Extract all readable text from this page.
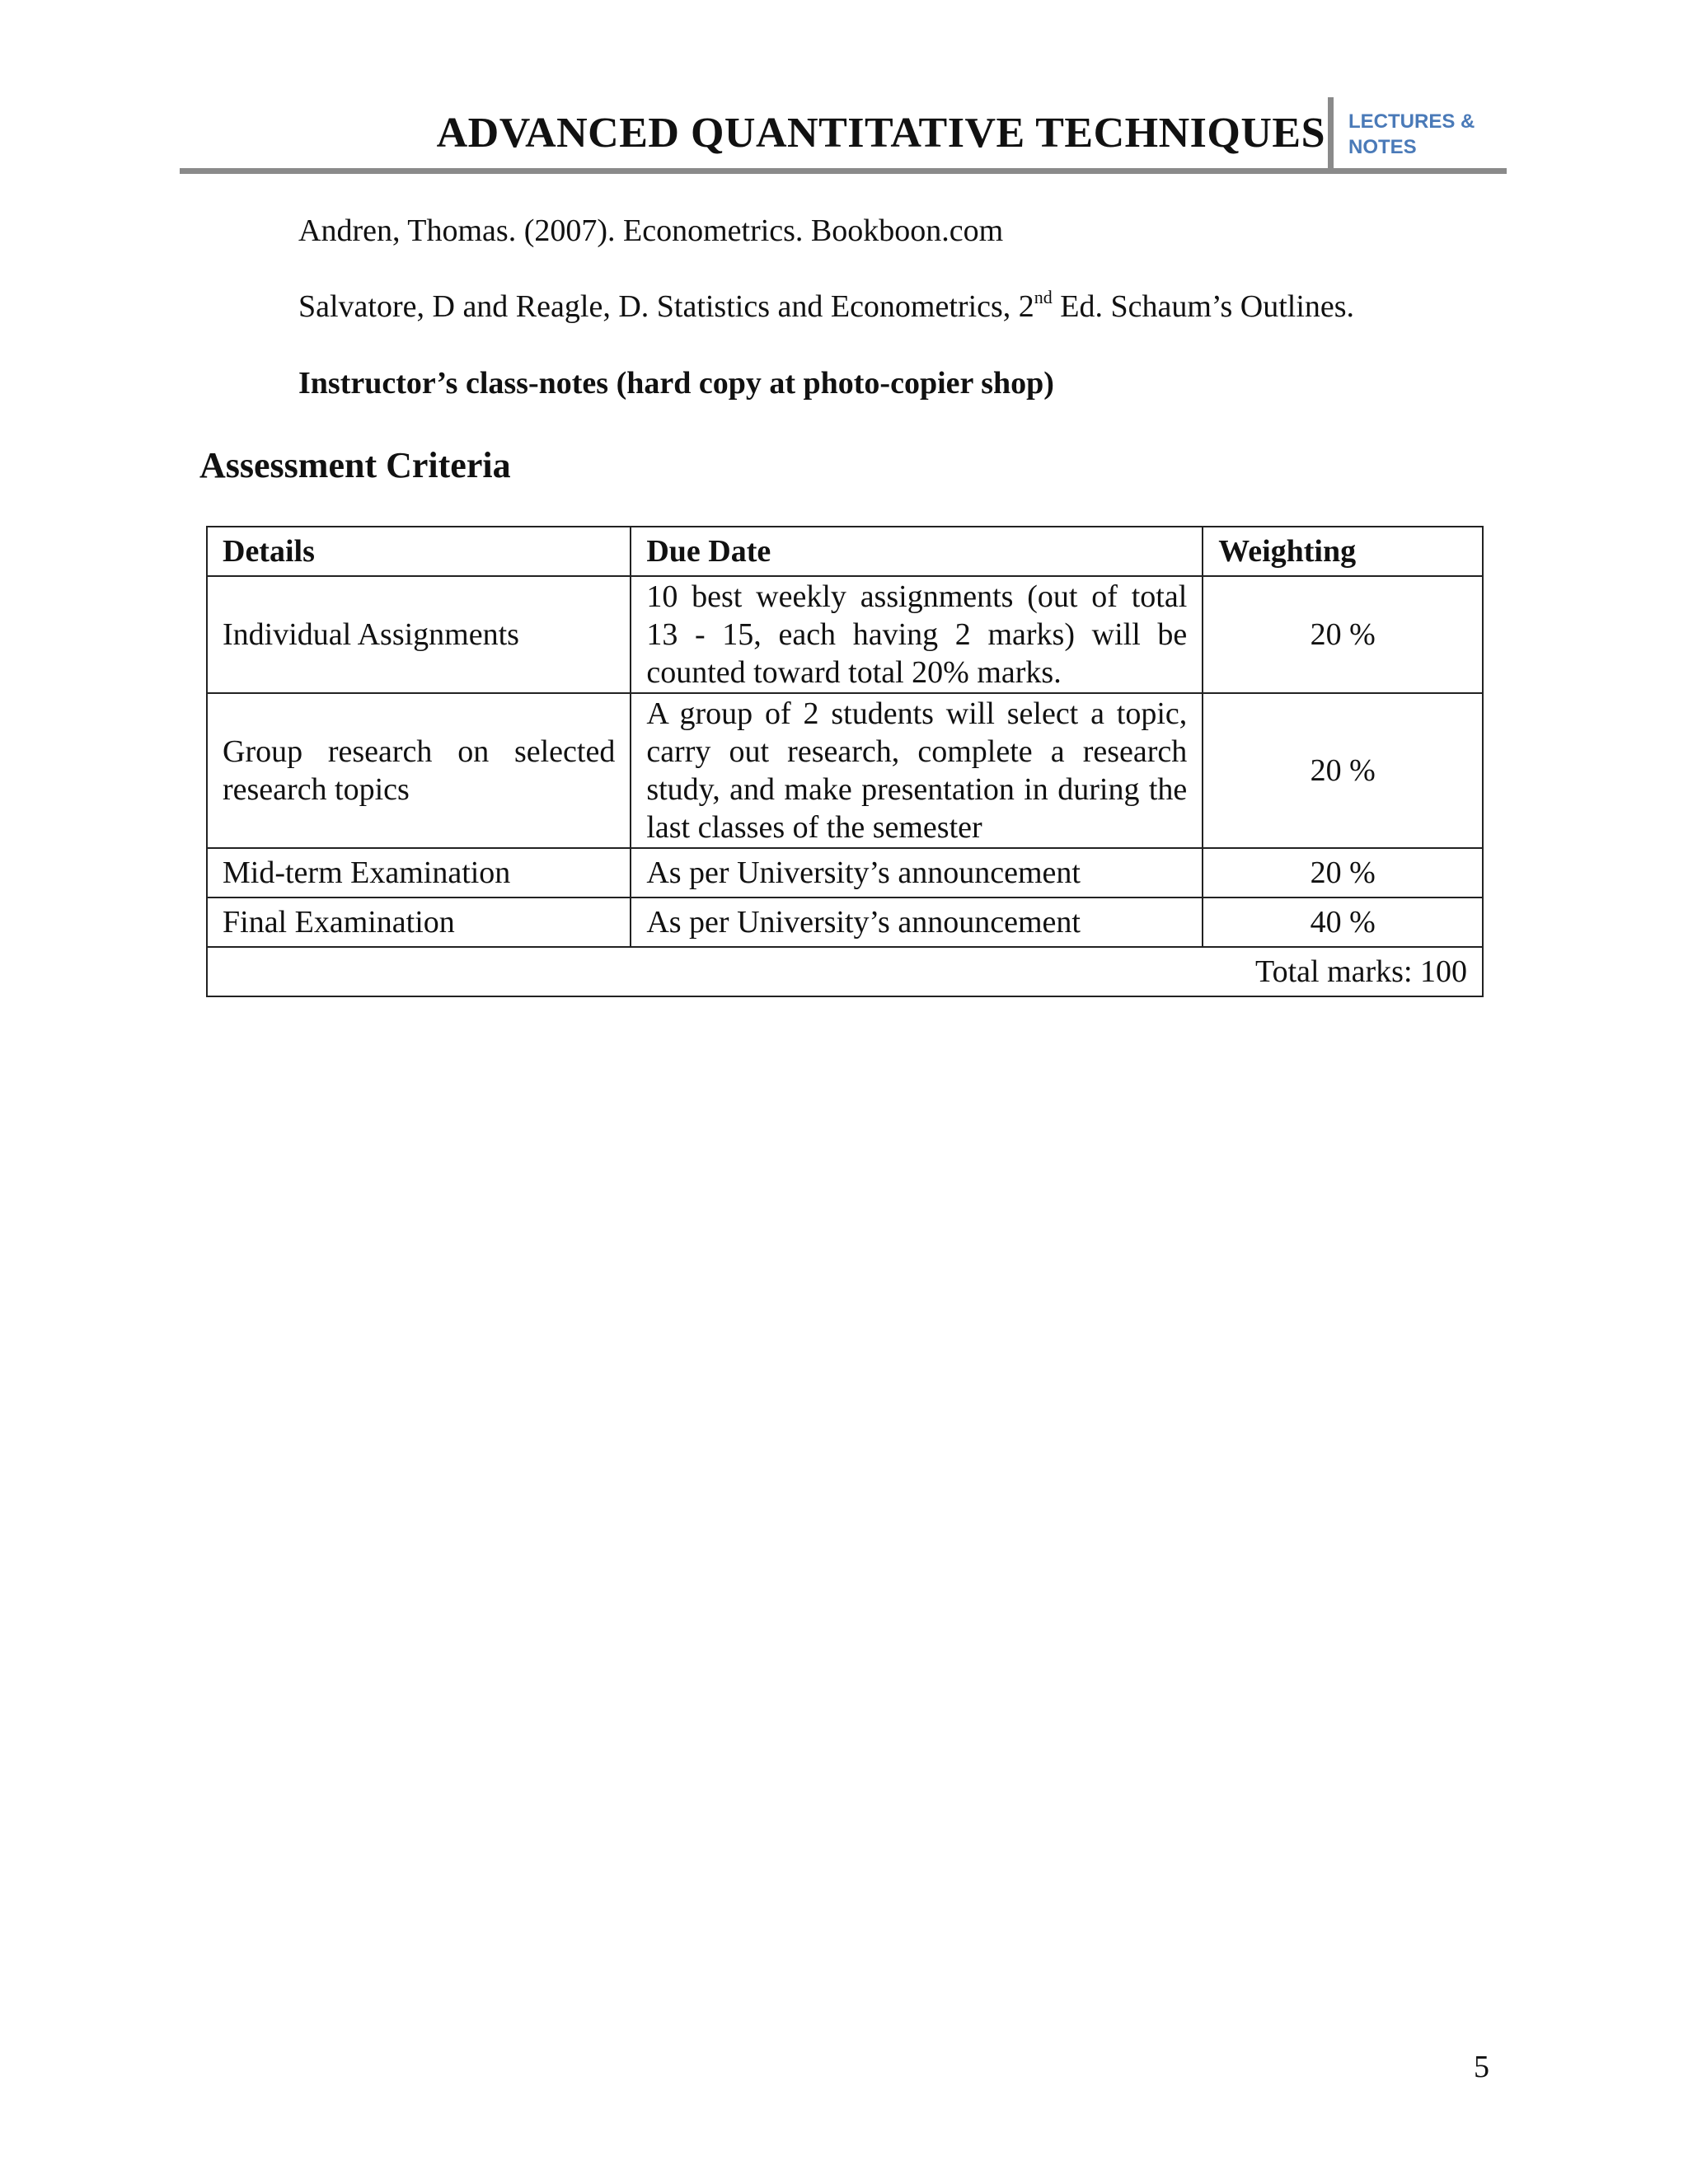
ADVANCED QUANTITATIVE TECHNIQUES LECTURES &
NOTES
Andren, Thomas. (2007). Econometrics. Bookboon.com
Salvatore, D and Reagle, D. Statistics and Econometrics, 2nd Ed. Schaum’s Outlines.
Instructor’s class-notes (hard copy at photo-copier shop)
Assessment Criteria
Details	Due Date	Weighting
Individual Assignments	10 best weekly assignments (out of total 13 - 15, each having 2 marks) will be counted toward total 20% marks.	20 %
Group research on selected research topics	A group of 2 students will select a topic, carry out research, complete a research study, and make presentation in during the last classes of the semester	20 %
Mid-term Examination	As per University’s announcement	20 %
Final Examination	As per University’s announcement	40 %
Total marks: 100		
5
